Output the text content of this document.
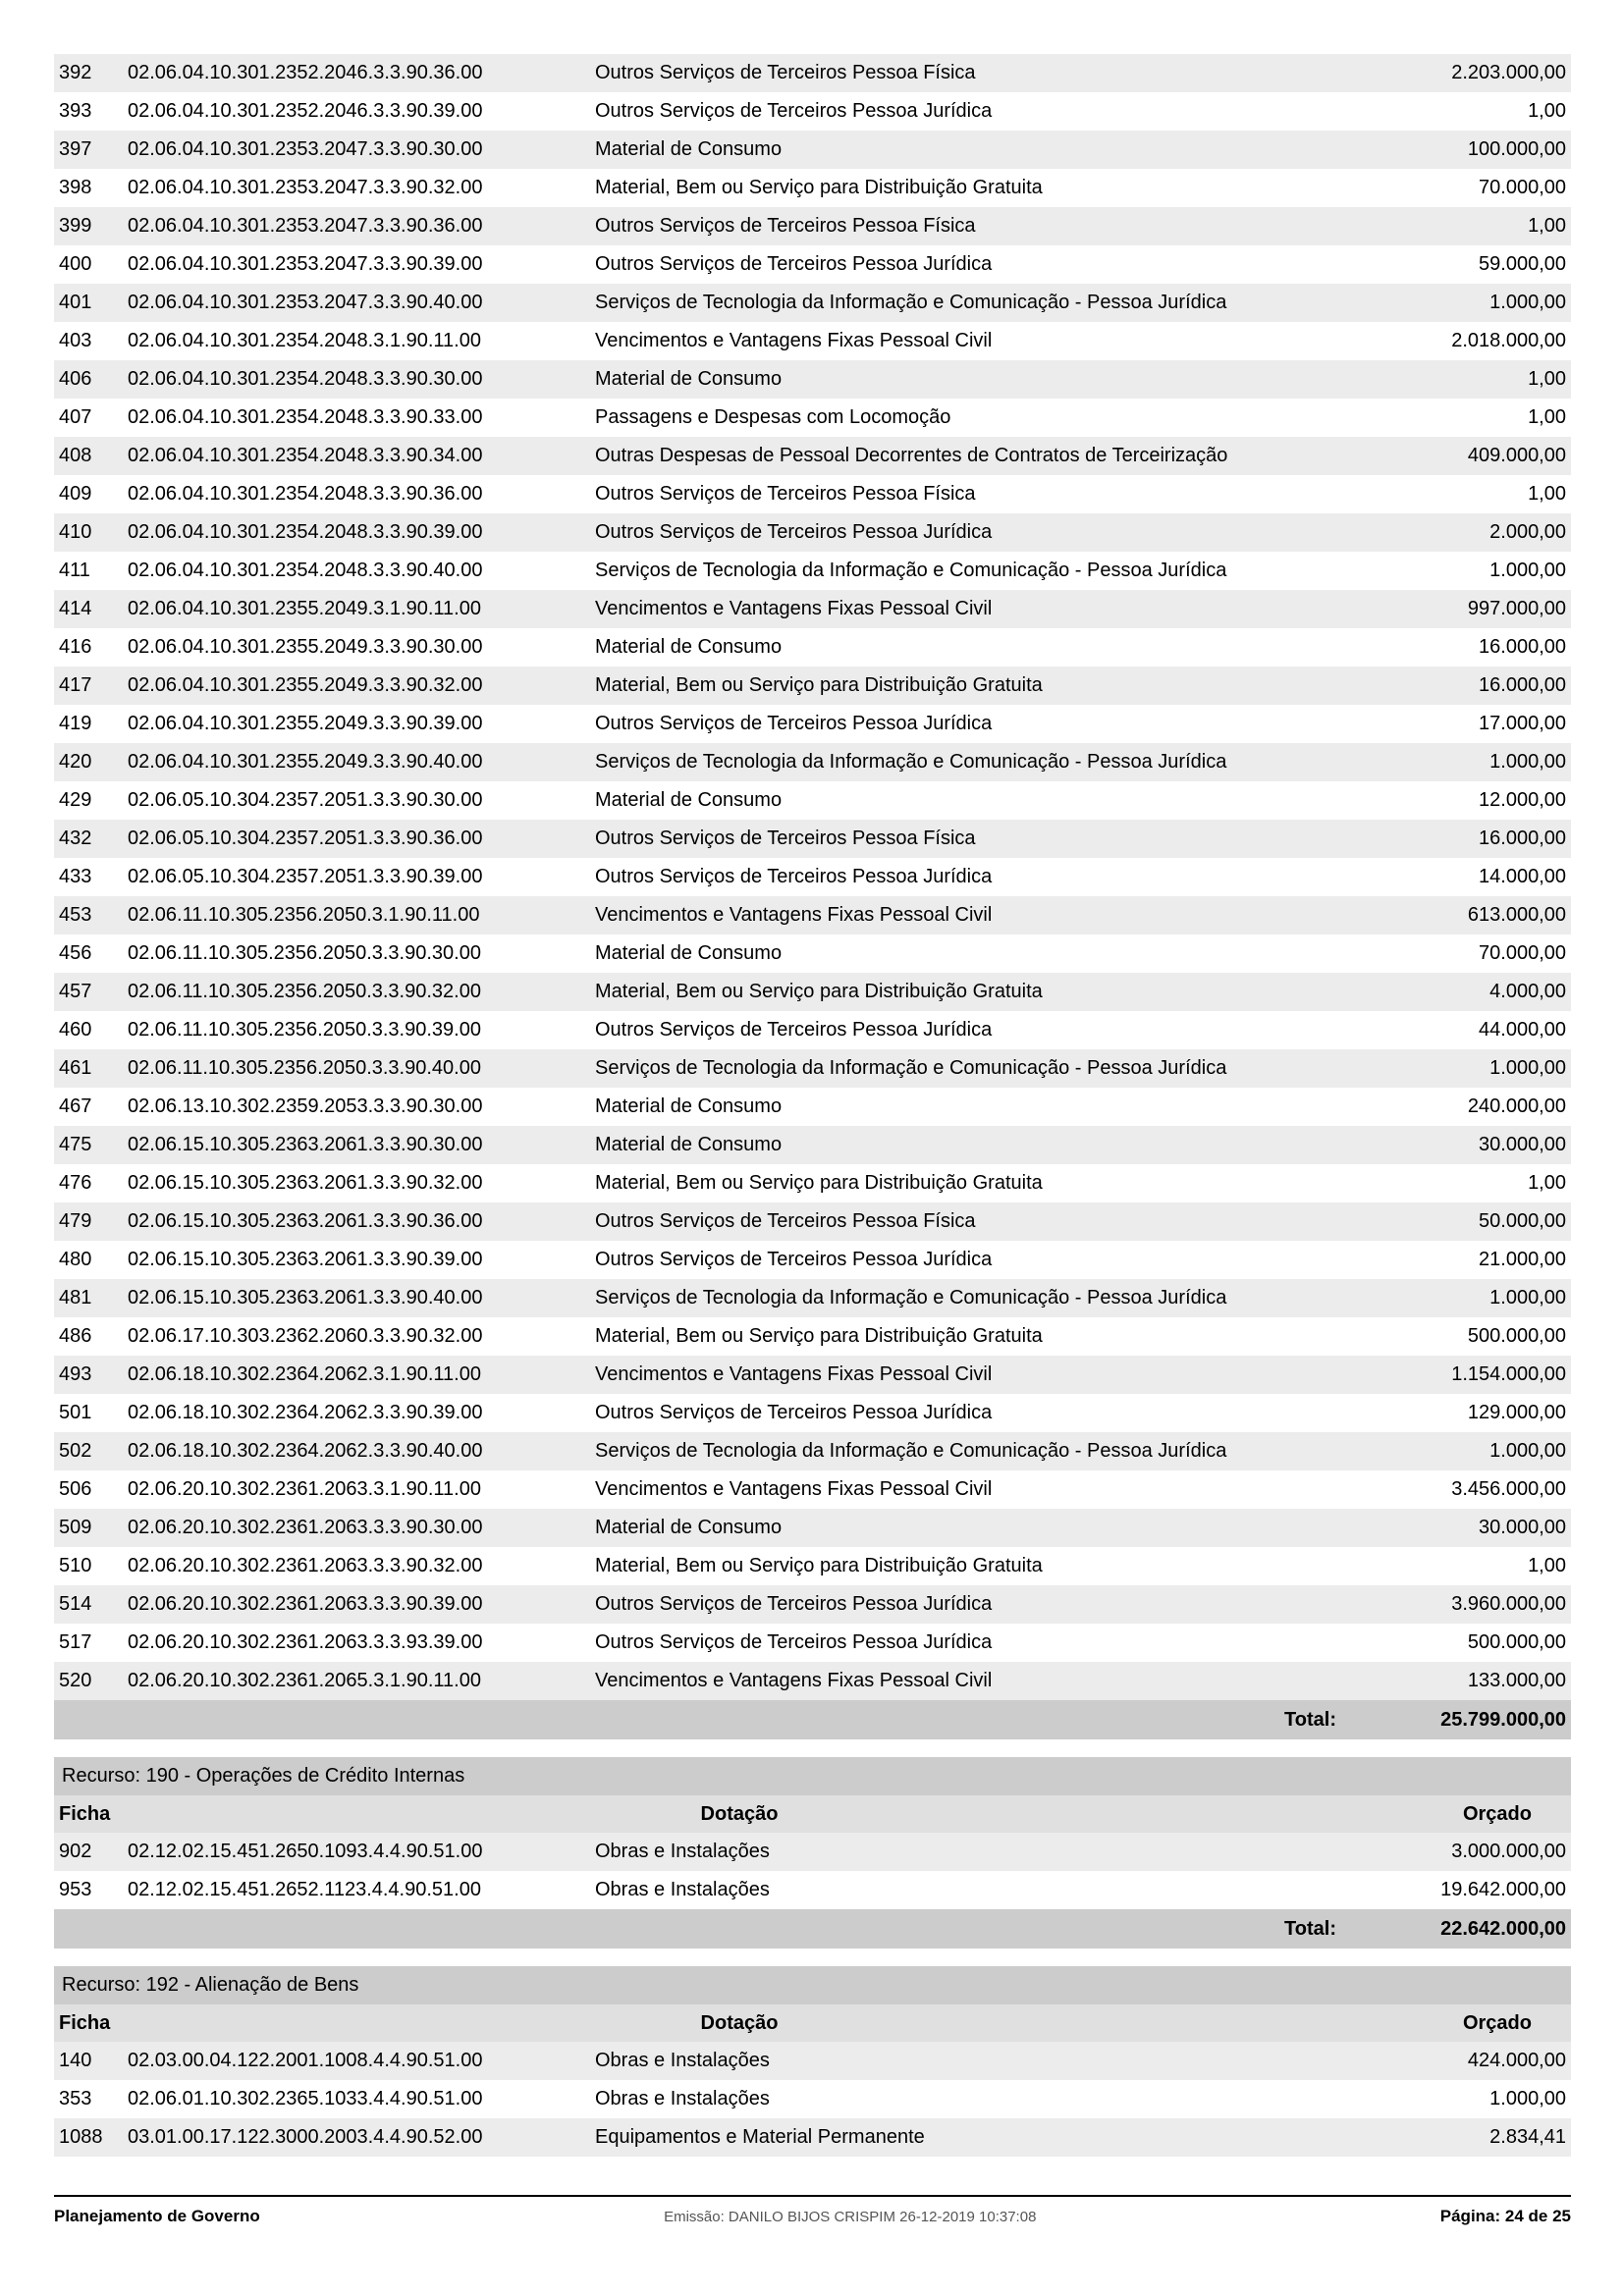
392	02.06.04.10.301.2352.2046.3.3.90.36.00	Outros Serviços de Terceiros Pessoa Física	2.203.000,00
393	02.06.04.10.301.2352.2046.3.3.90.39.00	Outros Serviços de Terceiros Pessoa Jurídica	1,00
397	02.06.04.10.301.2353.2047.3.3.90.30.00	Material de Consumo	100.000,00
398	02.06.04.10.301.2353.2047.3.3.90.32.00	Material, Bem ou Serviço para Distribuição Gratuita	70.000,00
399	02.06.04.10.301.2353.2047.3.3.90.36.00	Outros Serviços de Terceiros Pessoa Física	1,00
400	02.06.04.10.301.2353.2047.3.3.90.39.00	Outros Serviços de Terceiros Pessoa Jurídica	59.000,00
401	02.06.04.10.301.2353.2047.3.3.90.40.00	Serviços de Tecnologia da Informação e Comunicação - Pessoa Jurídica	1.000,00
403	02.06.04.10.301.2354.2048.3.1.90.11.00	Vencimentos e Vantagens Fixas Pessoal Civil	2.018.000,00
406	02.06.04.10.301.2354.2048.3.3.90.30.00	Material de Consumo	1,00
407	02.06.04.10.301.2354.2048.3.3.90.33.00	Passagens e Despesas com Locomoção	1,00
408	02.06.04.10.301.2354.2048.3.3.90.34.00	Outras Despesas de Pessoal Decorrentes de Contratos de Terceirização	409.000,00
409	02.06.04.10.301.2354.2048.3.3.90.36.00	Outros Serviços de Terceiros Pessoa Física	1,00
410	02.06.04.10.301.2354.2048.3.3.90.39.00	Outros Serviços de Terceiros Pessoa Jurídica	2.000,00
411	02.06.04.10.301.2354.2048.3.3.90.40.00	Serviços de Tecnologia da Informação e Comunicação - Pessoa Jurídica	1.000,00
414	02.06.04.10.301.2355.2049.3.1.90.11.00	Vencimentos e Vantagens Fixas Pessoal Civil	997.000,00
416	02.06.04.10.301.2355.2049.3.3.90.30.00	Material de Consumo	16.000,00
417	02.06.04.10.301.2355.2049.3.3.90.32.00	Material, Bem ou Serviço para Distribuição Gratuita	16.000,00
419	02.06.04.10.301.2355.2049.3.3.90.39.00	Outros Serviços de Terceiros Pessoa Jurídica	17.000,00
420	02.06.04.10.301.2355.2049.3.3.90.40.00	Serviços de Tecnologia da Informação e Comunicação - Pessoa Jurídica	1.000,00
429	02.06.05.10.304.2357.2051.3.3.90.30.00	Material de Consumo	12.000,00
432	02.06.05.10.304.2357.2051.3.3.90.36.00	Outros Serviços de Terceiros Pessoa Física	16.000,00
433	02.06.05.10.304.2357.2051.3.3.90.39.00	Outros Serviços de Terceiros Pessoa Jurídica	14.000,00
453	02.06.11.10.305.2356.2050.3.1.90.11.00	Vencimentos e Vantagens Fixas Pessoal Civil	613.000,00
456	02.06.11.10.305.2356.2050.3.3.90.30.00	Material de Consumo	70.000,00
457	02.06.11.10.305.2356.2050.3.3.90.32.00	Material, Bem ou Serviço para Distribuição Gratuita	4.000,00
460	02.06.11.10.305.2356.2050.3.3.90.39.00	Outros Serviços de Terceiros Pessoa Jurídica	44.000,00
461	02.06.11.10.305.2356.2050.3.3.90.40.00	Serviços de Tecnologia da Informação e Comunicação - Pessoa Jurídica	1.000,00
467	02.06.13.10.302.2359.2053.3.3.90.30.00	Material de Consumo	240.000,00
475	02.06.15.10.305.2363.2061.3.3.90.30.00	Material de Consumo	30.000,00
476	02.06.15.10.305.2363.2061.3.3.90.32.00	Material, Bem ou Serviço para Distribuição Gratuita	1,00
479	02.06.15.10.305.2363.2061.3.3.90.36.00	Outros Serviços de Terceiros Pessoa Física	50.000,00
480	02.06.15.10.305.2363.2061.3.3.90.39.00	Outros Serviços de Terceiros Pessoa Jurídica	21.000,00
481	02.06.15.10.305.2363.2061.3.3.90.40.00	Serviços de Tecnologia da Informação e Comunicação - Pessoa Jurídica	1.000,00
486	02.06.17.10.303.2362.2060.3.3.90.32.00	Material, Bem ou Serviço para Distribuição Gratuita	500.000,00
493	02.06.18.10.302.2364.2062.3.1.90.11.00	Vencimentos e Vantagens Fixas Pessoal Civil	1.154.000,00
501	02.06.18.10.302.2364.2062.3.3.90.39.00	Outros Serviços de Terceiros Pessoa Jurídica	129.000,00
502	02.06.18.10.302.2364.2062.3.3.90.40.00	Serviços de Tecnologia da Informação e Comunicação - Pessoa Jurídica	1.000,00
506	02.06.20.10.302.2361.2063.3.1.90.11.00	Vencimentos e Vantagens Fixas Pessoal Civil	3.456.000,00
509	02.06.20.10.302.2361.2063.3.3.90.30.00	Material de Consumo	30.000,00
510	02.06.20.10.302.2361.2063.3.3.90.32.00	Material, Bem ou Serviço para Distribuição Gratuita	1,00
514	02.06.20.10.302.2361.2063.3.3.90.39.00	Outros Serviços de Terceiros Pessoa Jurídica	3.960.000,00
517	02.06.20.10.302.2361.2063.3.3.93.39.00	Outros Serviços de Terceiros Pessoa Jurídica	500.000,00
520	02.06.20.10.302.2361.2065.3.1.90.11.00	Vencimentos e Vantagens Fixas Pessoal Civil	133.000,00
Total:			25.799.000,00
Recurso: 190 - Operações de Crédito Internas
Ficha	Dotação		Orçado
902	02.12.02.15.451.2650.1093.4.4.90.51.00	Obras e Instalações	3.000.000,00
953	02.12.02.15.451.2652.1123.4.4.90.51.00	Obras e Instalações	19.642.000,00
Total:			22.642.000,00
Recurso: 192 - Alienação de Bens
Ficha	Dotação		Orçado
140	02.03.00.04.122.2001.1008.4.4.90.51.00	Obras e Instalações	424.000,00
353	02.06.01.10.302.2365.1033.4.4.90.51.00	Obras e Instalações	1.000,00
1088	03.01.00.17.122.3000.2003.4.4.90.52.00	Equipamentos e Material Permanente	2.834,41
Planejamento de Governo	Emissão: DANILO BIJOS CRISPIM 26-12-2019 10:37:08	Página: 24 de 25
